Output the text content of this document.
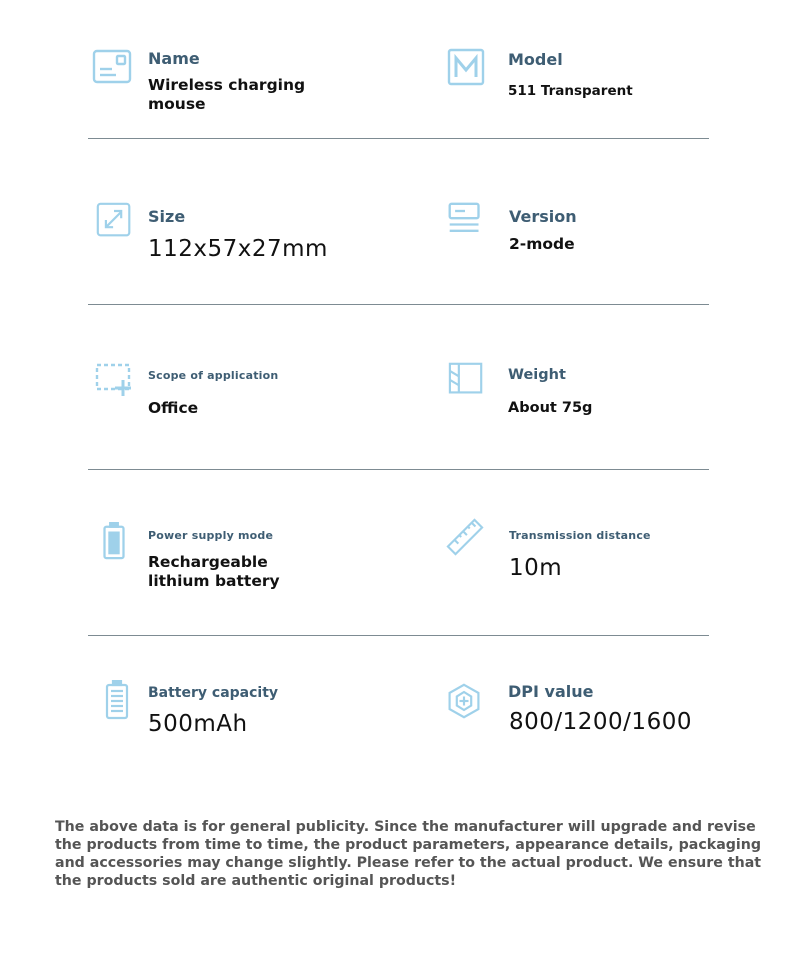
Name
Wireless charging
mouse
Model
511 Transparent
Size
112x57x27mm
Version
2-mode
Scope of application
Office
Weight
About 75g
Power supply mode
Rechargeable
lithium battery
Transmission distance
10m
Battery capacity
500mAh
DPI value
800/1200/1600

The above data is for general publicity. Since the manufacturer will upgrade and revise

the products from time to time, the product parameters, appearance details, packaging

and accessories may change slightly. Please refer to the actual product. We ensure that

the products sold are authentic original products!
